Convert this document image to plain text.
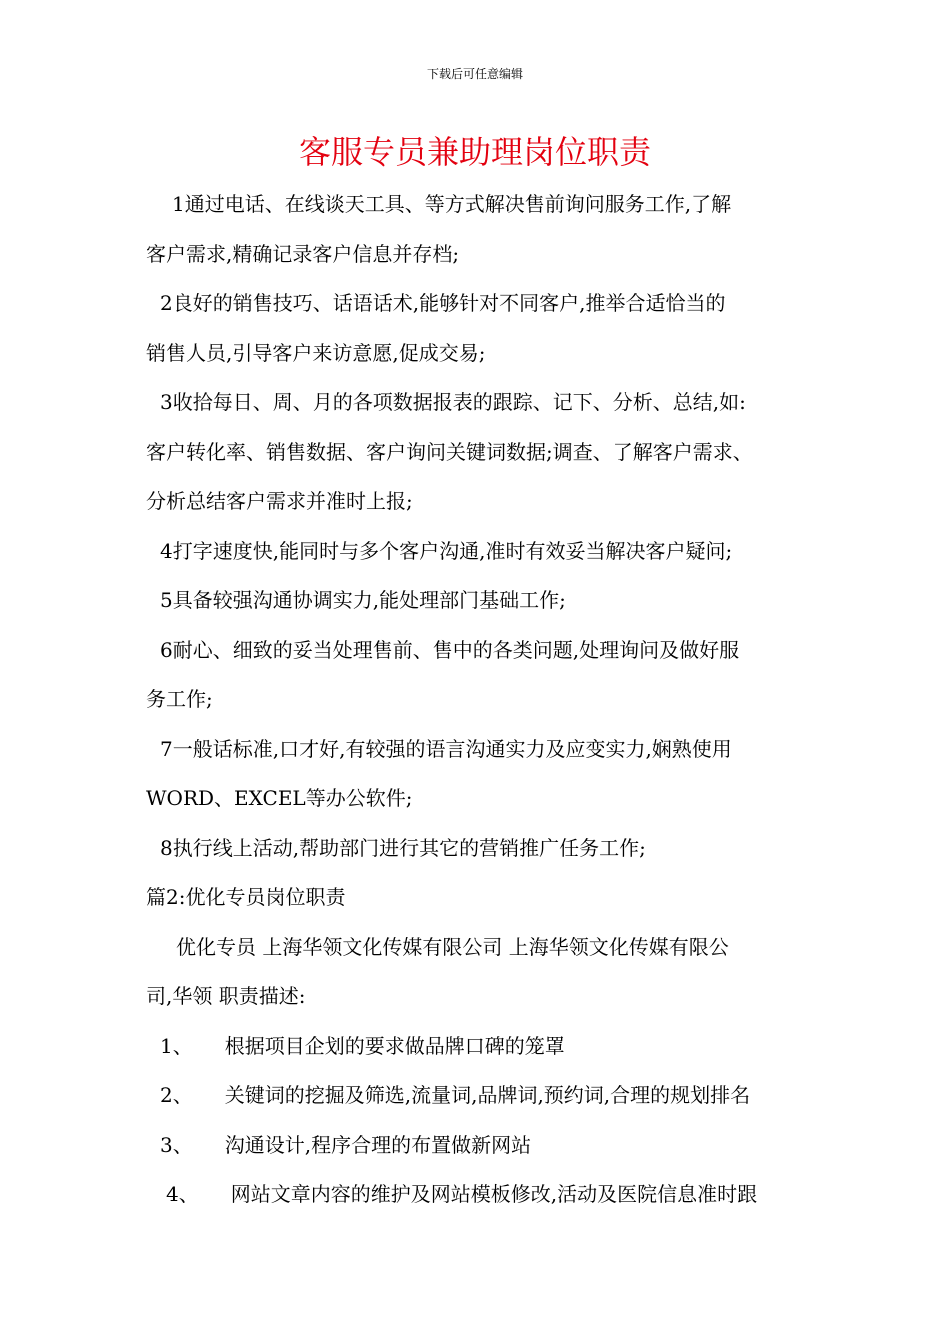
下载后可任意编辑
客服专员兼助理岗位职责
1通过电话、在线谈天工具、等方式解决售前询问服务工作,了解
客户需求,精确记录客户信息并存档;
2良好的销售技巧、话语话术,能够针对不同客户,推举合适恰当的
销售人员,引导客户来访意愿,促成交易;
3收拾每日、周、月的各项数据报表的跟踪、记下、分析、总结,如:
客户转化率、销售数据、客户询问关键词数据;调查、了解客户需求、
分析总结客户需求并准时上报;
4打字速度快,能同时与多个客户沟通,准时有效妥当解决客户疑问;
5具备较强沟通协调实力,能处理部门基础工作;
6耐心、细致的妥当处理售前、售中的各类问题,处理询问及做好服
务工作;
7一般话标准,口才好,有较强的语言沟通实力及应变实力,娴熟使用
WORD、EXCEL等办公软件;
8执行线上活动,帮助部门进行其它的营销推广任务工作;
篇2:优化专员岗位职责
优化专员 上海华领文化传媒有限公司 上海华领文化传媒有限公
司,华领 职责描述:
1、 根据项目企划的要求做品牌口碑的笼罩
2、 关键词的挖掘及筛选,流量词,品牌词,预约词,合理的规划排名
3、 沟通设计,程序合理的布置做新网站
4、 网站文章内容的维护及网站模板修改,活动及医院信息准时跟
